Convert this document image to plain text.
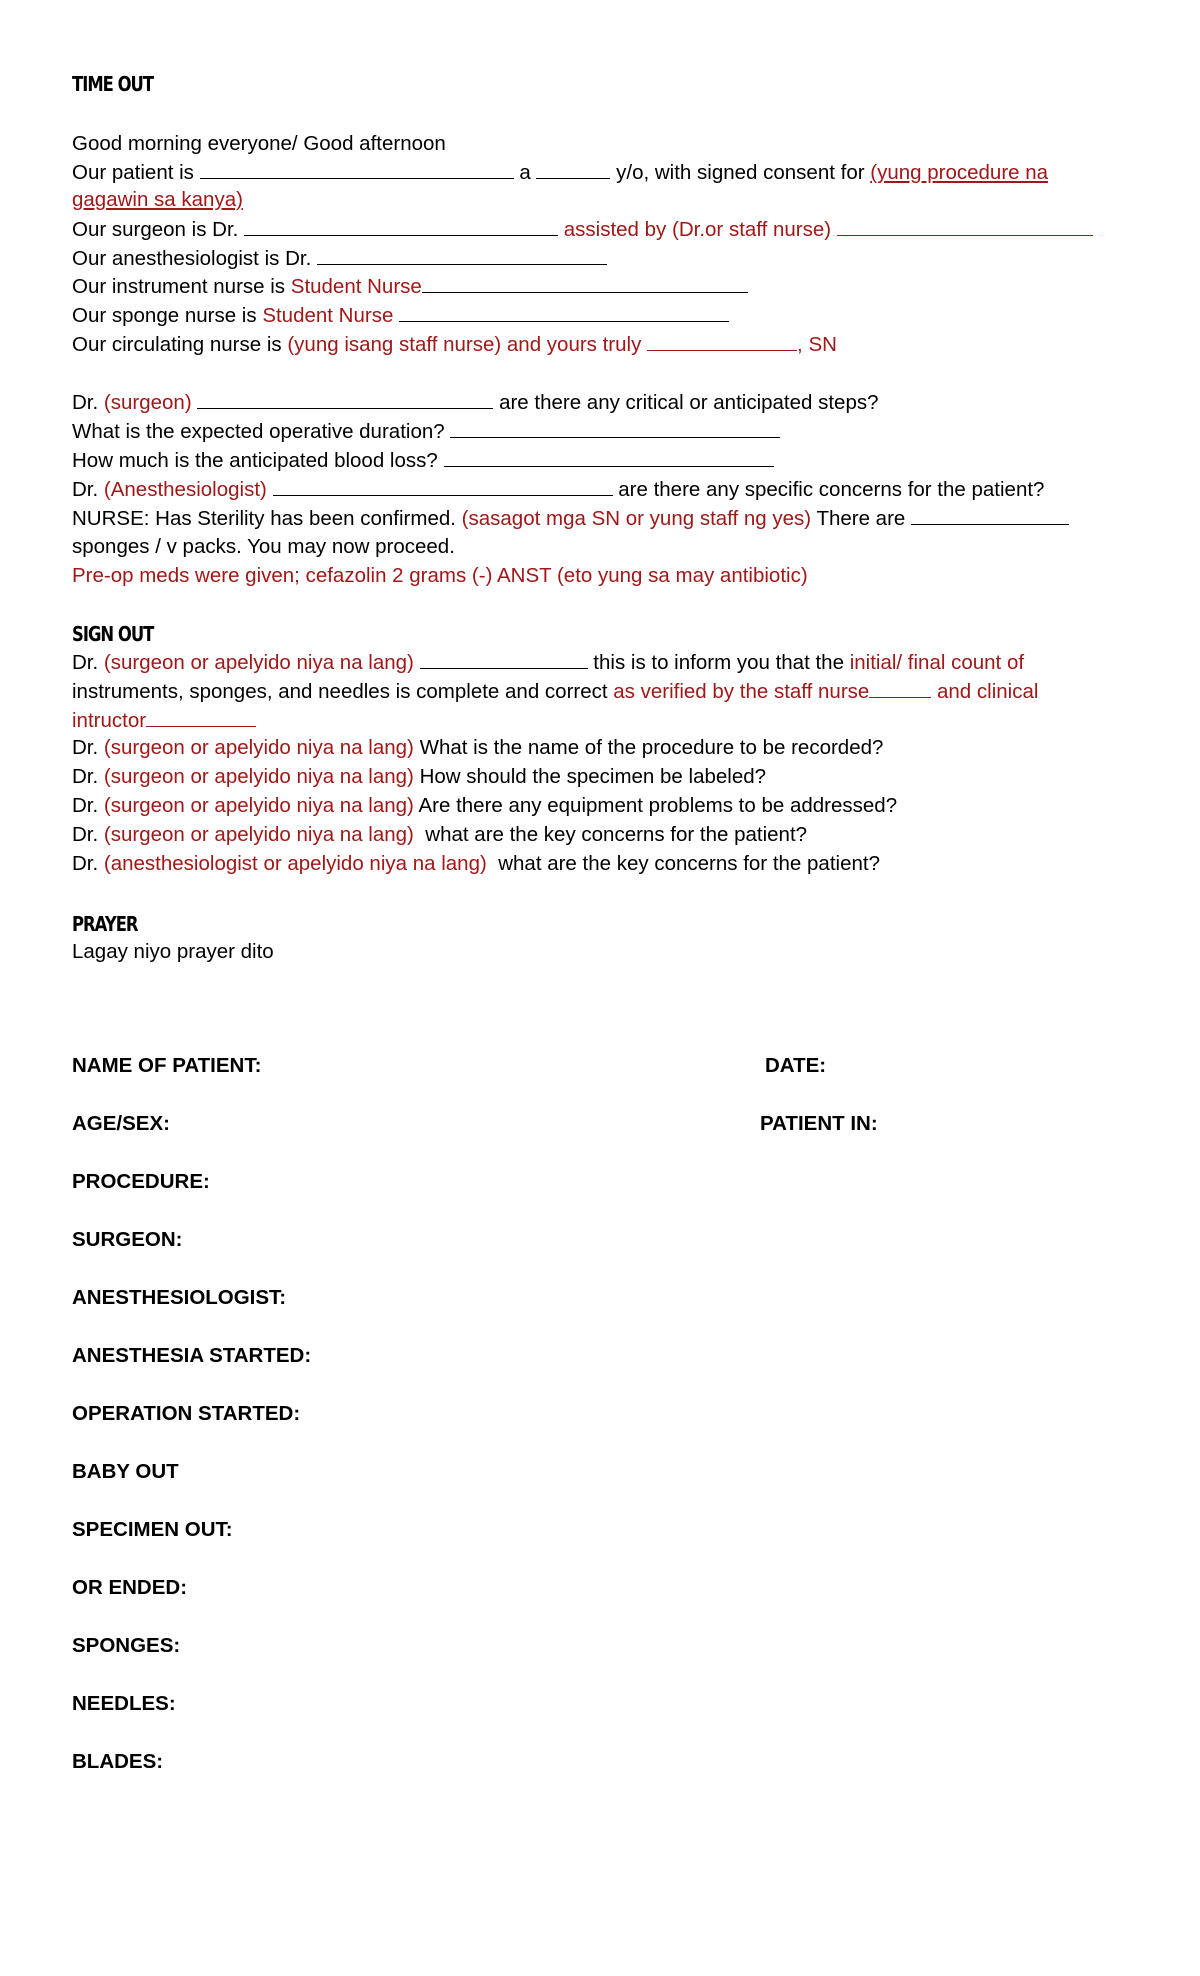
TIME OUT
Good morning everyone/ Good afternoon
Our patient is	a	y/o, with signed consent for (yung procedure na
gagawin sa kanya)
Our surgeon is Dr.	assisted by (Dr.or staff nurse)
Our anesthesiologist is Dr.
Our instrument nurse is Student Nurse
Our sponge nurse is Student Nurse
Our circulating nurse is (yung isang staff nurse) and yours truly	, SN
Dr. (surgeon)	are there any critical or anticipated steps?
What is the expected operative duration?
How much is the anticipated blood loss?
Dr. (Anesthesiologist)	are there any specific concerns for the patient?
NURSE: Has Sterility has been confirmed. (sasagot mga SN or yung staff ng yes) There are
sponges / v packs. You may now proceed.
Pre-op meds were given; cefazolin 2 grams (-) ANST (eto yung sa may antibiotic)
SIGN OUT
Dr. (surgeon or apelyido niya na lang)	this is to inform you that the initial/ final count of
instruments, sponges, and needles is complete and correct as verified by the staff nurse	and clinical
intructor
Dr. (surgeon or apelyido niya na lang) What is the name of the procedure to be recorded?
Dr. (surgeon or apelyido niya na lang) How should the specimen be labeled?
Dr. (surgeon or apelyido niya na lang) Are there any equipment problems to be addressed?
Dr. (surgeon or apelyido niya na lang)  what are the key concerns for the patient?
Dr. (anesthesiologist or apelyido niya na lang)  what are the key concerns for the patient?
PRAYER
Lagay niyo prayer dito
NAME OF PATIENT:	DATE:
AGE/SEX:	PATIENT IN:
PROCEDURE:
SURGEON:
ANESTHESIOLOGIST:
ANESTHESIA STARTED:
OPERATION STARTED:
BABY OUT
SPECIMEN OUT:
OR ENDED:
SPONGES:
NEEDLES:
BLADES:
